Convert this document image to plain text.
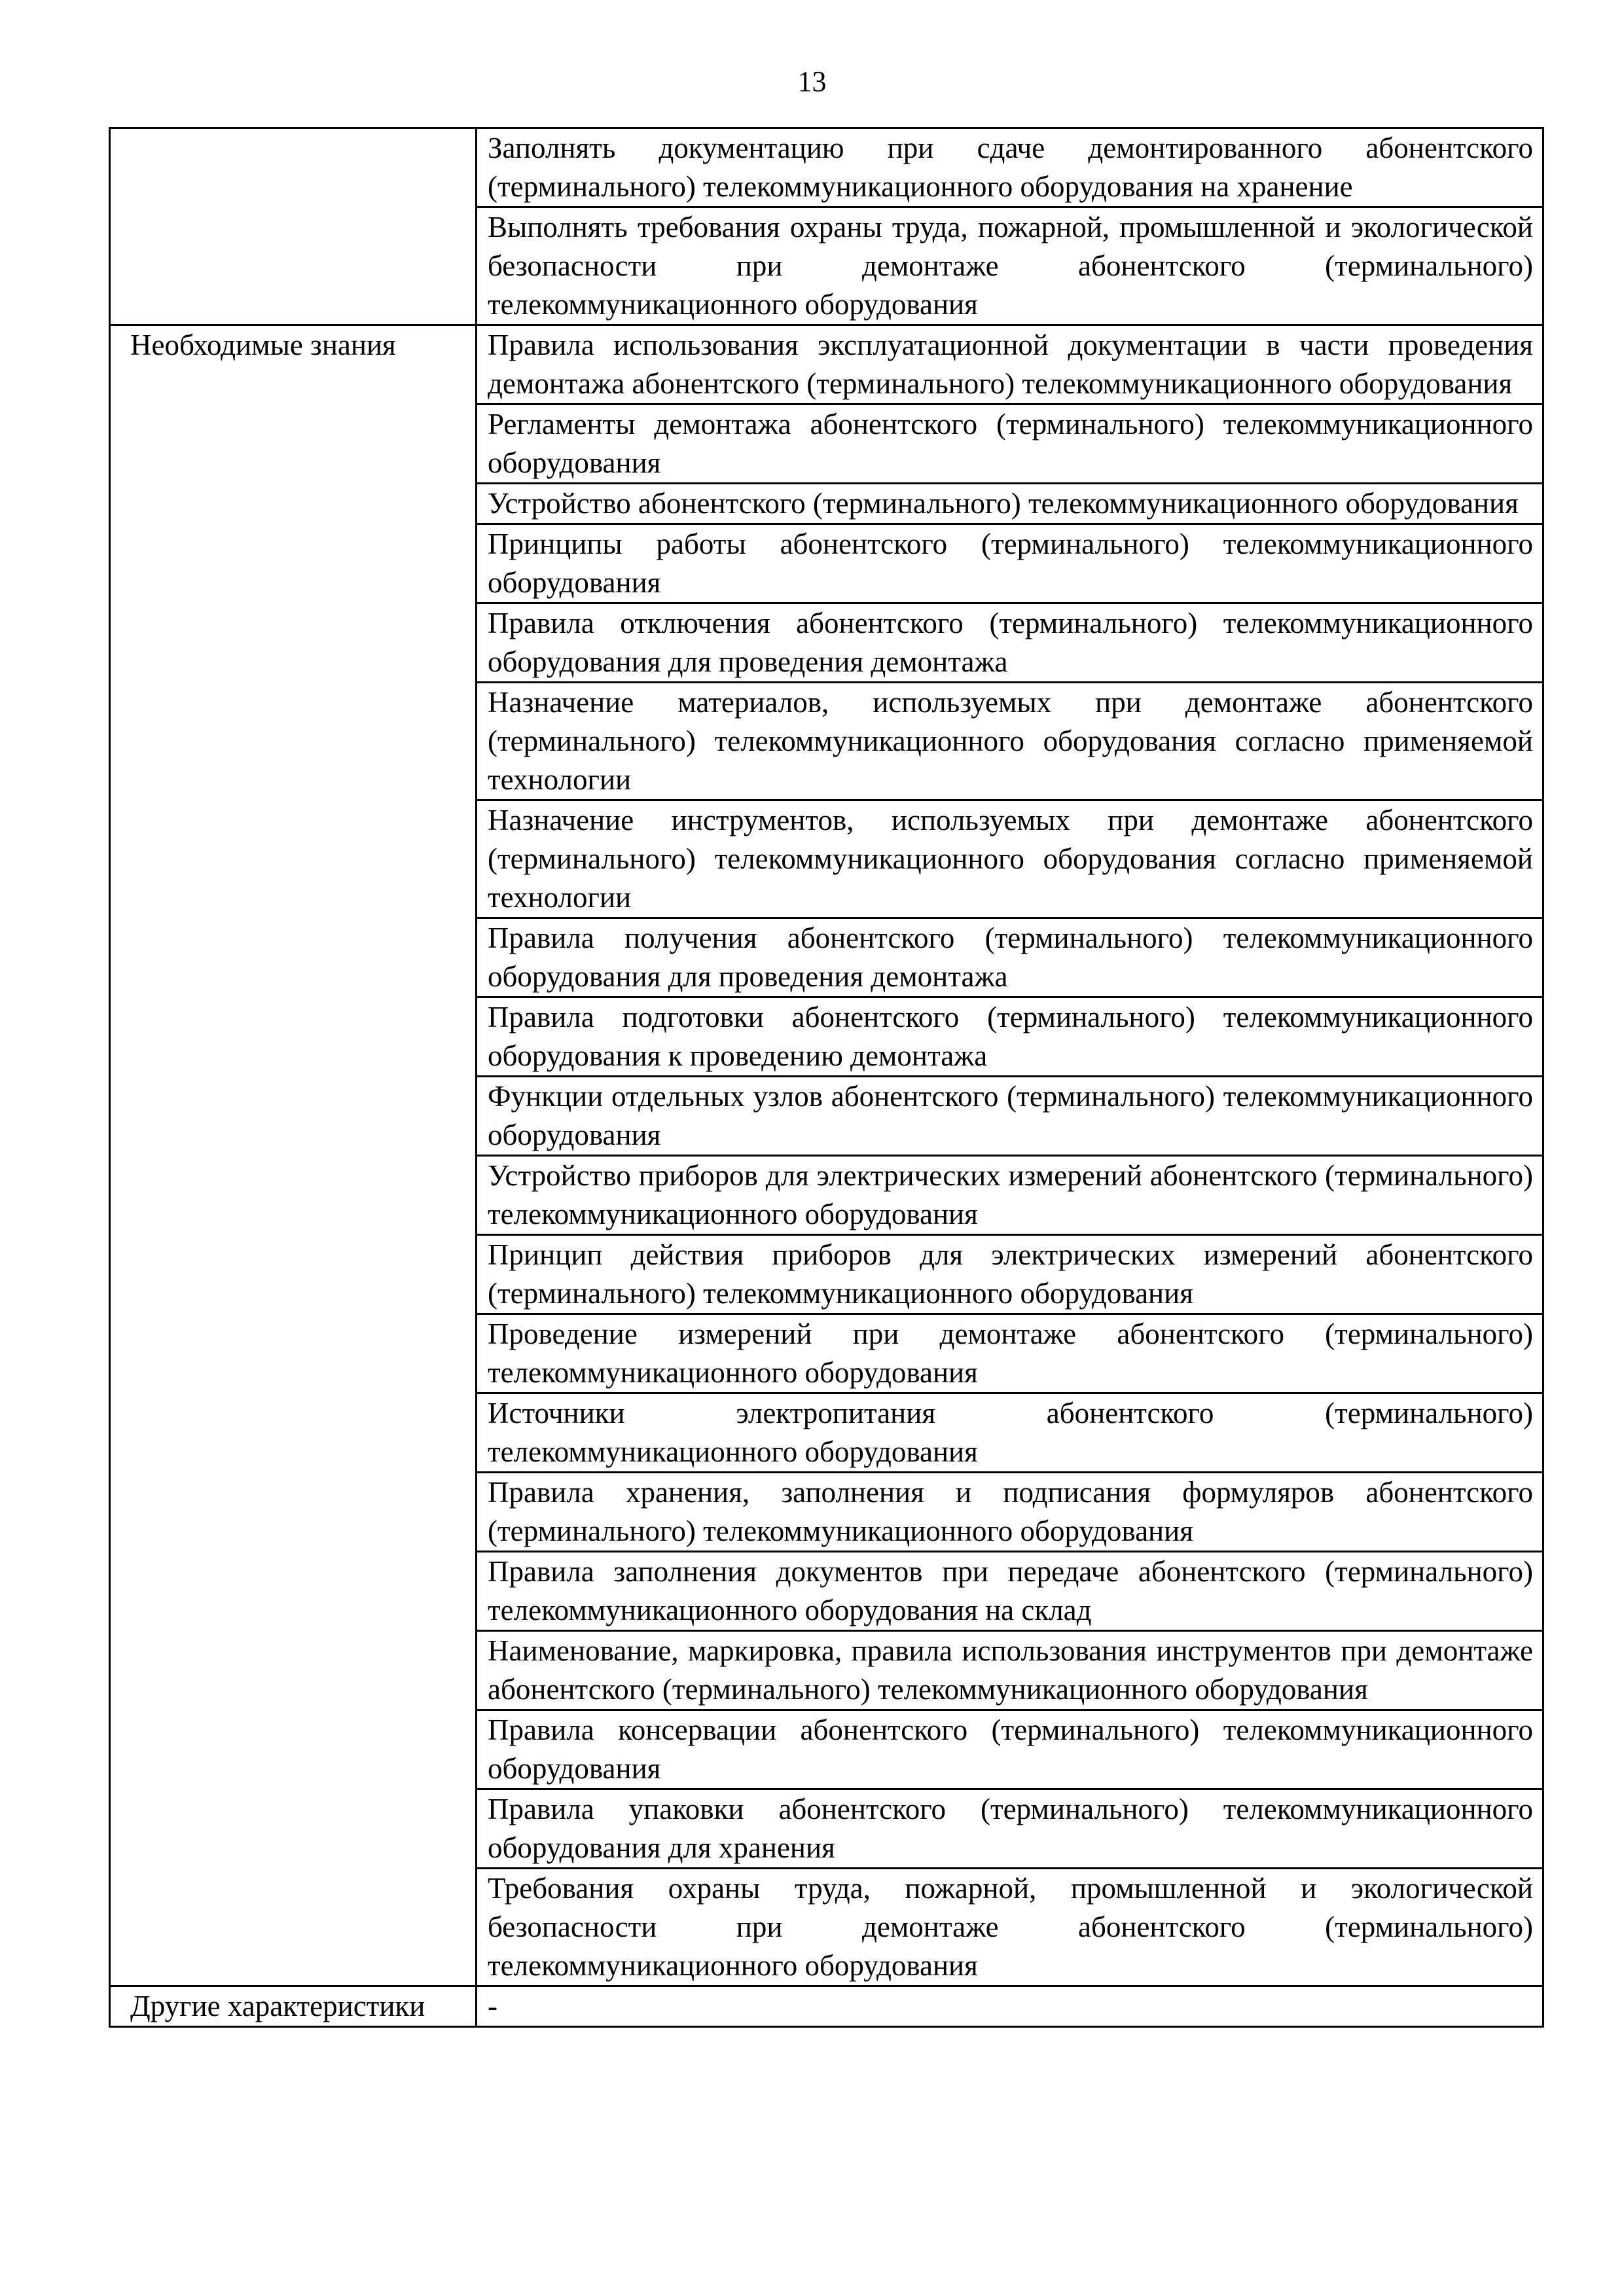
13
	Заполнять документацию при сдаче демонтированного абонентского (терминального) телекоммуникационного оборудования на хранение
	Выполнять требования охраны труда, пожарной, промышленной и экологической безопасности при демонтаже абонентского (терминального) телекоммуникационного оборудования
Необходимые знания	Правила использования эксплуатационной документации в части проведения демонтажа абонентского (терминального) телекоммуникационного оборудования
	Регламенты демонтажа абонентского (терминального) телекоммуникационного оборудования
	Устройство абонентского (терминального) телекоммуникационного оборудования
	Принципы работы абонентского (терминального) телекоммуникационного оборудования
	Правила отключения абонентского (терминального) телекоммуникационного оборудования для проведения демонтажа
	Назначение материалов, используемых при демонтаже абонентского (терминального) телекоммуникационного оборудования согласно применяемой технологии
	Назначение инструментов, используемых при демонтаже абонентского (терминального) телекоммуникационного оборудования согласно применяемой технологии
	Правила получения абонентского (терминального) телекоммуникационного оборудования для проведения демонтажа
	Правила подготовки абонентского (терминального) телекоммуникационного оборудования к проведению демонтажа
	Функции отдельных узлов абонентского (терминального) телекоммуникационного оборудования
	Устройство приборов для электрических измерений абонентского (терминального) телекоммуникационного оборудования
	Принцип действия приборов для электрических измерений абонентского (терминального) телекоммуникационного оборудования
	Проведение измерений при демонтаже абонентского (терминального) телекоммуникационного оборудования
	Источники электропитания абонентского (терминального) телекоммуникационного оборудования
	Правила хранения, заполнения и подписания формуляров абонентского (терминального) телекоммуникационного оборудования
	Правила заполнения документов при передаче абонентского (терминального) телекоммуникационного оборудования на склад
	Наименование, маркировка, правила использования инструментов при демонтаже абонентского (терминального) телекоммуникационного оборудования
	Правила консервации абонентского (терминального) телекоммуникационного оборудования
	Правила упаковки абонентского (терминального) телекоммуникационного оборудования для хранения
	Требования охраны труда, пожарной, промышленной и экологической безопасности при демонтаже абонентского (терминального) телекоммуникационного оборудования
Другие характеристики	-
